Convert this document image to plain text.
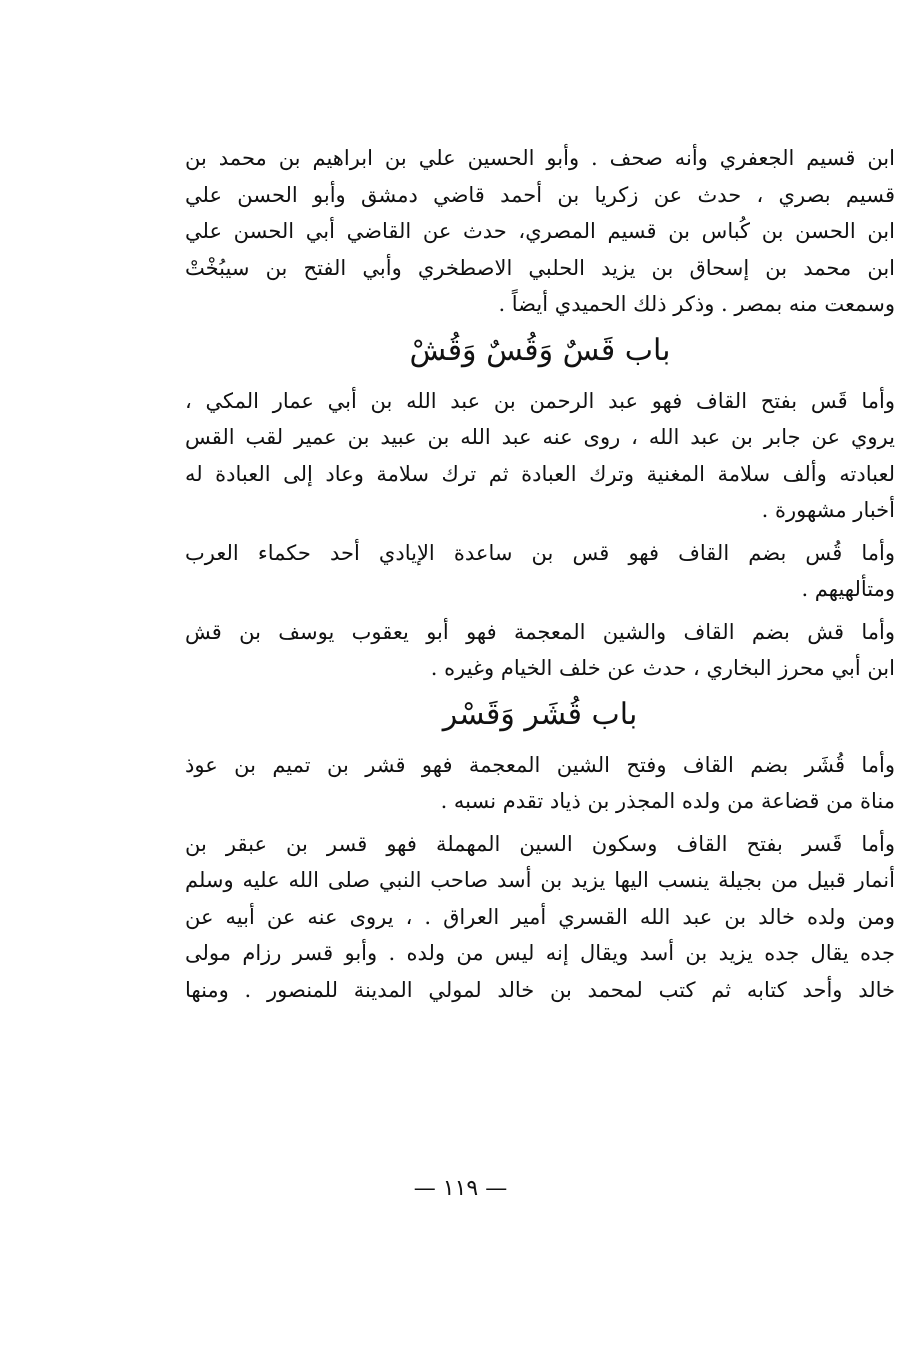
ابن قسيم الجعفري وأنه صحف . وأبو الحسين علي بن ابراهيم بن محمد بن
قسيم بصري ، حدث عن زكريا بن أحمد قاضي دمشق وأبو الحسن علي
ابن الحسن بن كُباس بن قسيم المصري، حدث عن القاضي أبي الحسن علي
ابن محمد بن إسحاق بن يزيد الحلبي الاصطخري وأبي الفتح بن سيبُخْتْ
وسمعت منه بمصر . وذكر ذلك الحميدي أيضاً .
باب قَسٌ وَقُسٌ وَقُشْ
وأما قَس بفتح القاف فهو عبد الرحمن بن عبد الله بن أبي عمار المكي ،
يروي عن جابر بن عبد الله ، روى عنه عبد الله بن عبيد بن عمير لقب القس
لعبادته وألف سلامة المغنية وترك العبادة ثم ترك سلامة وعاد إلى العبادة له
أخبار مشهورة .
وأما قُس بضم القاف فهو قس بن ساعدة الإيادي أحد حكماء العرب
ومتألهيهم .
وأما قش بضم القاف والشين المعجمة فهو أبو يعقوب يوسف بن قش
ابن أبي محرز البخاري ، حدث عن خلف الخيام وغيره .
باب قُشَر وَقَسْر
وأما قُشَر بضم القاف وفتح الشين المعجمة فهو قشر بن تميم بن عوذ
مناة من قضاعة من ولده المجذر بن ذياد تقدم نسبه .
وأما قَسر بفتح القاف وسكون السين المهملة فهو قسر بن عبقر بن
أنمار قبيل من بجيلة ينسب اليها يزيد بن أسد صاحب النبي صلى الله عليه وسلم
ومن ولده خالد بن عبد الله القسري أمير العراق . ، يروى عنه عن أبيه عن
جده يقال جده يزيد بن أسد ويقال إنه ليس من ولده . وأبو قسر رزام مولى
خالد وأحد كتابه ثم كتب لمحمد بن خالد لمولي المدينة للمنصور . ومنها
— ١١٩ —
